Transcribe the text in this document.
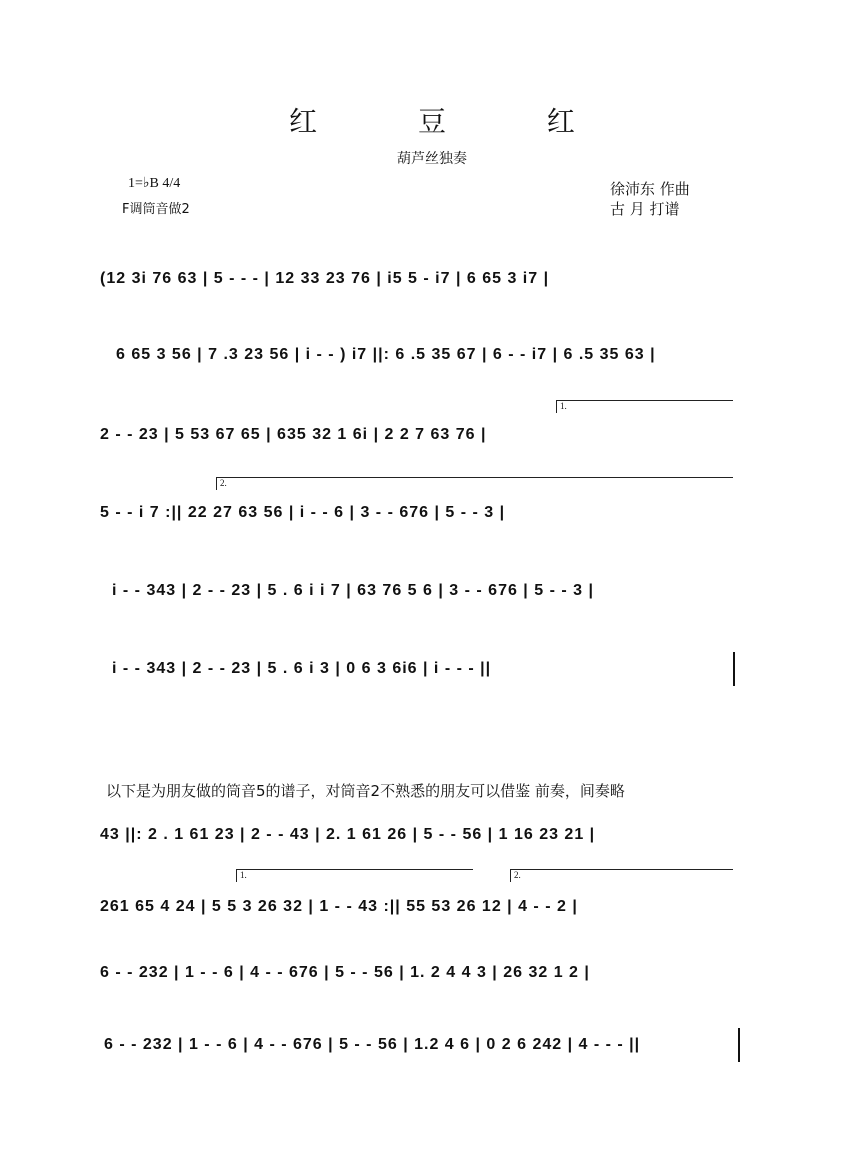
红 豆 红
葫芦丝独奏
1=♭B 4/4
F调筒音做2
徐沛东 作曲
古 月 打谱
(12 3i 76 63 | 5 - - - | 12 33 23 76 | i5 5 - i7 | 6 65 3 i7 |
6 65 3 56 | 7 .3 23 56 | i - - ) i7 ||: 6 .5 35 67 | 6 - - i7 | 6 .5 35 63 |
1.
2 - - 23 | 5 53 67 65 | 635 32 1 6i | 2 2 7 63 76 |
2.
5 - - i 7 :|| 22 27 63 56 | i - - 6 | 3 - - 676 | 5 - - 3 |
i - - 343 | 2 - - 23 | 5 . 6 i i 7 | 63 76 5 6 | 3 - - 676 | 5 - - 3 |
i - - 343 | 2 - - 23 | 5 . 6 i 3 | 0 6 3 6i6 | i - - - ||
以下是为朋友做的筒音5的谱子，对筒音2不熟悉的朋友可以借鉴 前奏，间奏略
43 ||: 2 . 1 61 23 | 2 - - 43 | 2. 1 61 26 | 5 - - 56 | 1 16 23 21 |
1.	2.
261 65 4 24 | 5 5 3 26 32 | 1 - - 43 :|| 55 53 26 12 | 4 - - 2 |
6 - - 232 | 1 - - 6 | 4 - - 676 | 5 - - 56 | 1. 2 4 4 3 | 26 32 1 2 |
6 - - 232 | 1 - - 6 | 4 - - 676 | 5 - - 56 | 1.2 4 6 | 0 2 6 242 | 4 - - - ||
